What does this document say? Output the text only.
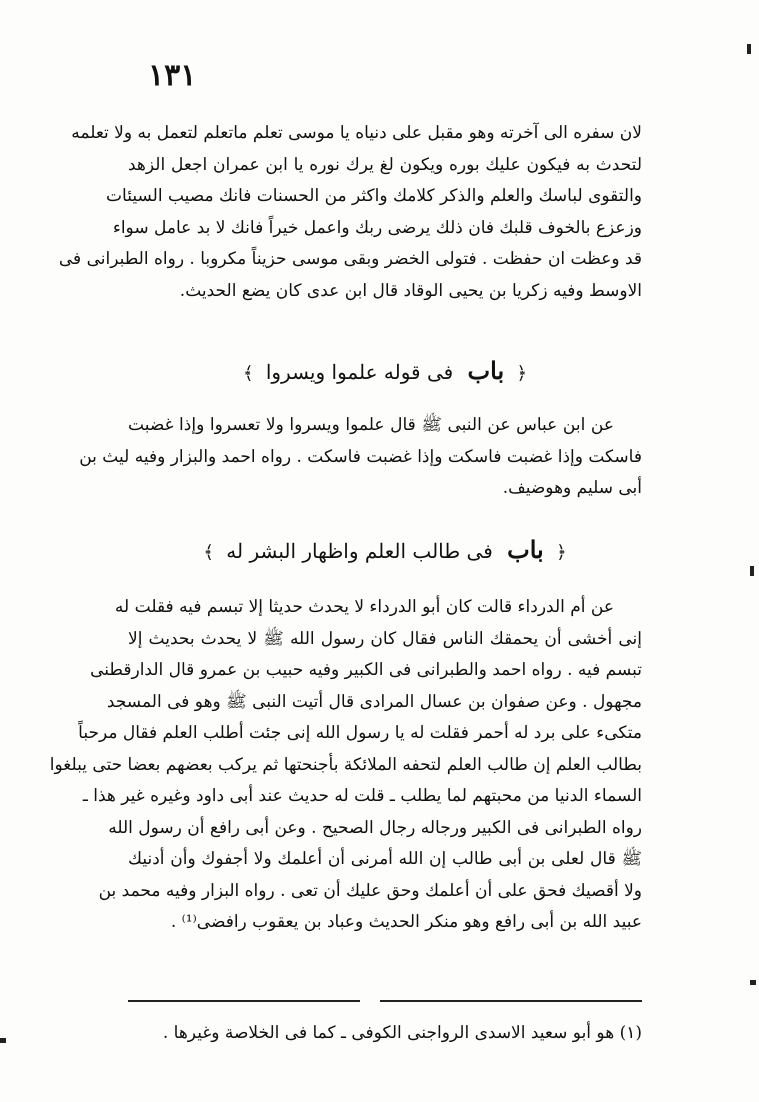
١٣١
لان سفره الى آخرته وهو مقبل على دنياه يا موسى تعلم ماتعلم لتعمل به ولا تعلمه
لتحدث به فيكون عليك بوره ويكون لغ يرك نوره يا ابن عمران اجعل الزهد
والتقوى لباسك والعلم والذكر كلامك واكثر من الحسنات فانك مصيب السيئات
وزعزع بالخوف قلبك فان ذلك يرضى ربك واعمل خيراً فانك لا بد عامل سواء
قد وعظت ان حفظت . فتولى الخضر وبقى موسى حزيناً مكروبا . رواه الطبرانى فى
الاوسط وفيه زكريا بن يحيى الوقاد قال ابن عدى كان يضع الحديث.
﴿ باب فى قوله علموا ويسروا ﴾
عن ابن عباس عن النبى ﷺ قال علموا ويسروا ولا تعسروا وإذا غضبت
فاسكت وإذا غضبت فاسكت وإذا غضبت فاسكت . رواه احمد والبزار وفيه ليث بن
أبى سليم وهوضيف.
﴿ باب فى طالب العلم واظهار البشر له ﴾
عن أم الدرداء قالت كان أبو الدرداء لا يحدث حديثا إلا تبسم فيه فقلت له
إنى أخشى أن يحمقك الناس فقال كان رسول الله ﷺ لا يحدث بحديث إلا
تبسم فيه . رواه احمد والطبرانى فى الكبير وفيه حبيب بن عمرو قال الدارقطنى
مجهول . وعن صفوان بن عسال المرادى قال أتيت النبى ﷺ وهو فى المسجد
متكىء على برد له أحمر فقلت له يا رسول الله إنى جئت أطلب العلم فقال مرحباً
بطالب العلم إن طالب العلم لتحفه الملائكة بأجنحتها ثم يركب بعضهم بعضا حتى يبلغوا
السماء الدنيا من محبتهم لما يطلب ـ قلت له حديث عند أبى داود وغيره غير هذا ـ
رواه الطبرانى فى الكبير ورجاله رجال الصحيح . وعن أبى رافع أن رسول الله
ﷺ قال لعلى بن أبى طالب إن الله أمرنى أن أعلمك ولا أجفوك وأن أدنيك
ولا أقصيك فحق على أن أعلمك وحق عليك أن تعى . رواه البزار وفيه محمد بن
عبيد الله بن أبى رافع وهو منكر الحديث وعباد بن يعقوب رافضى⁽¹⁾ .
(١) هو أبو سعيد الاسدى الرواجنى الكوفى ـ كما فى الخلاصة وغيرها .
